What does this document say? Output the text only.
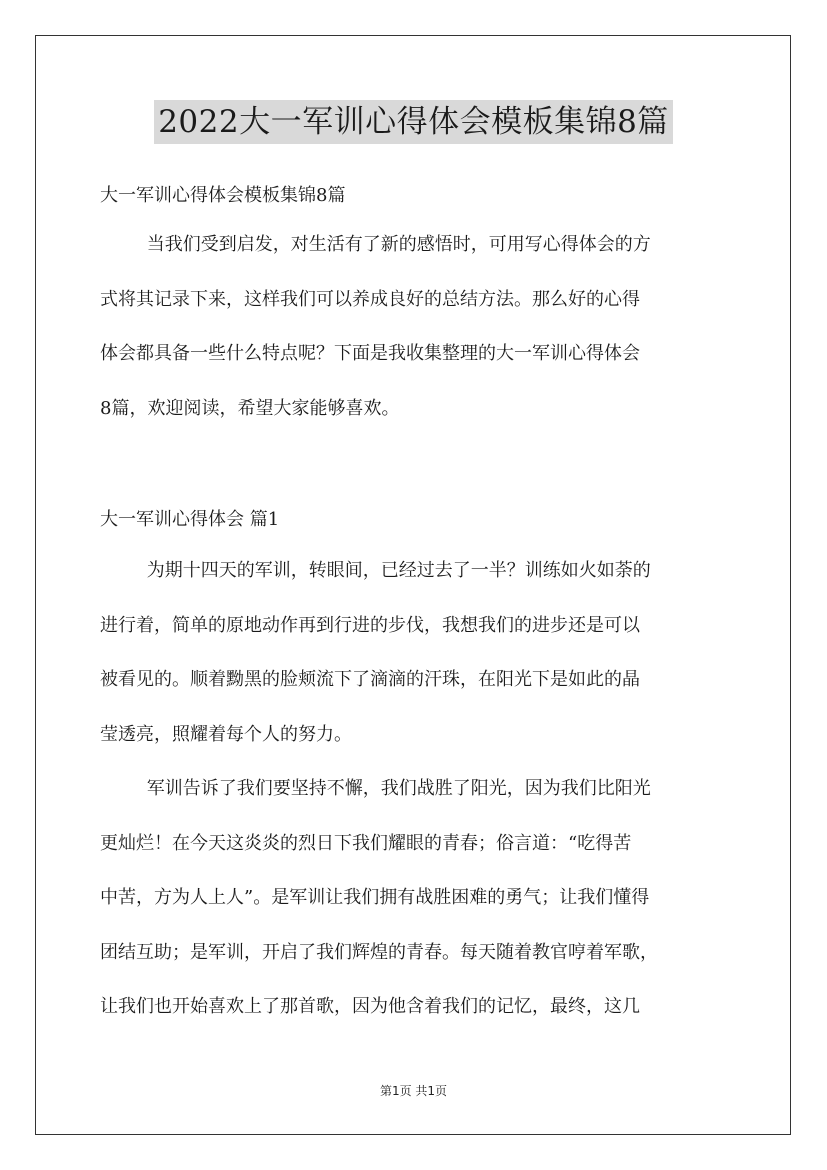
2022大一军训心得体会模板集锦8篇
大一军训心得体会模板集锦8篇
当我们受到启发，对生活有了新的感悟时，可用写心得体会的方
式将其记录下来，这样我们可以养成良好的总结方法。那么好的心得
体会都具备一些什么特点呢？下面是我收集整理的大一军训心得体会
8篇，欢迎阅读，希望大家能够喜欢。
大一军训心得体会 篇1
为期十四天的军训，转眼间，已经过去了一半？训练如火如荼的
进行着，简单的原地动作再到行进的步伐，我想我们的进步还是可以
被看见的。顺着黝黑的脸颊流下了滴滴的汗珠，在阳光下是如此的晶
莹透亮，照耀着每个人的努力。
军训告诉了我们要坚持不懈，我们战胜了阳光，因为我们比阳光
更灿烂！在今天这炎炎的烈日下我们耀眼的青春；俗言道：“吃得苦
中苦，方为人上人”。是军训让我们拥有战胜困难的勇气；让我们懂得
团结互助；是军训，开启了我们辉煌的青春。每天随着教官哼着军歌，
让我们也开始喜欢上了那首歌，因为他含着我们的记忆，最终，这几
第1页 共1页
